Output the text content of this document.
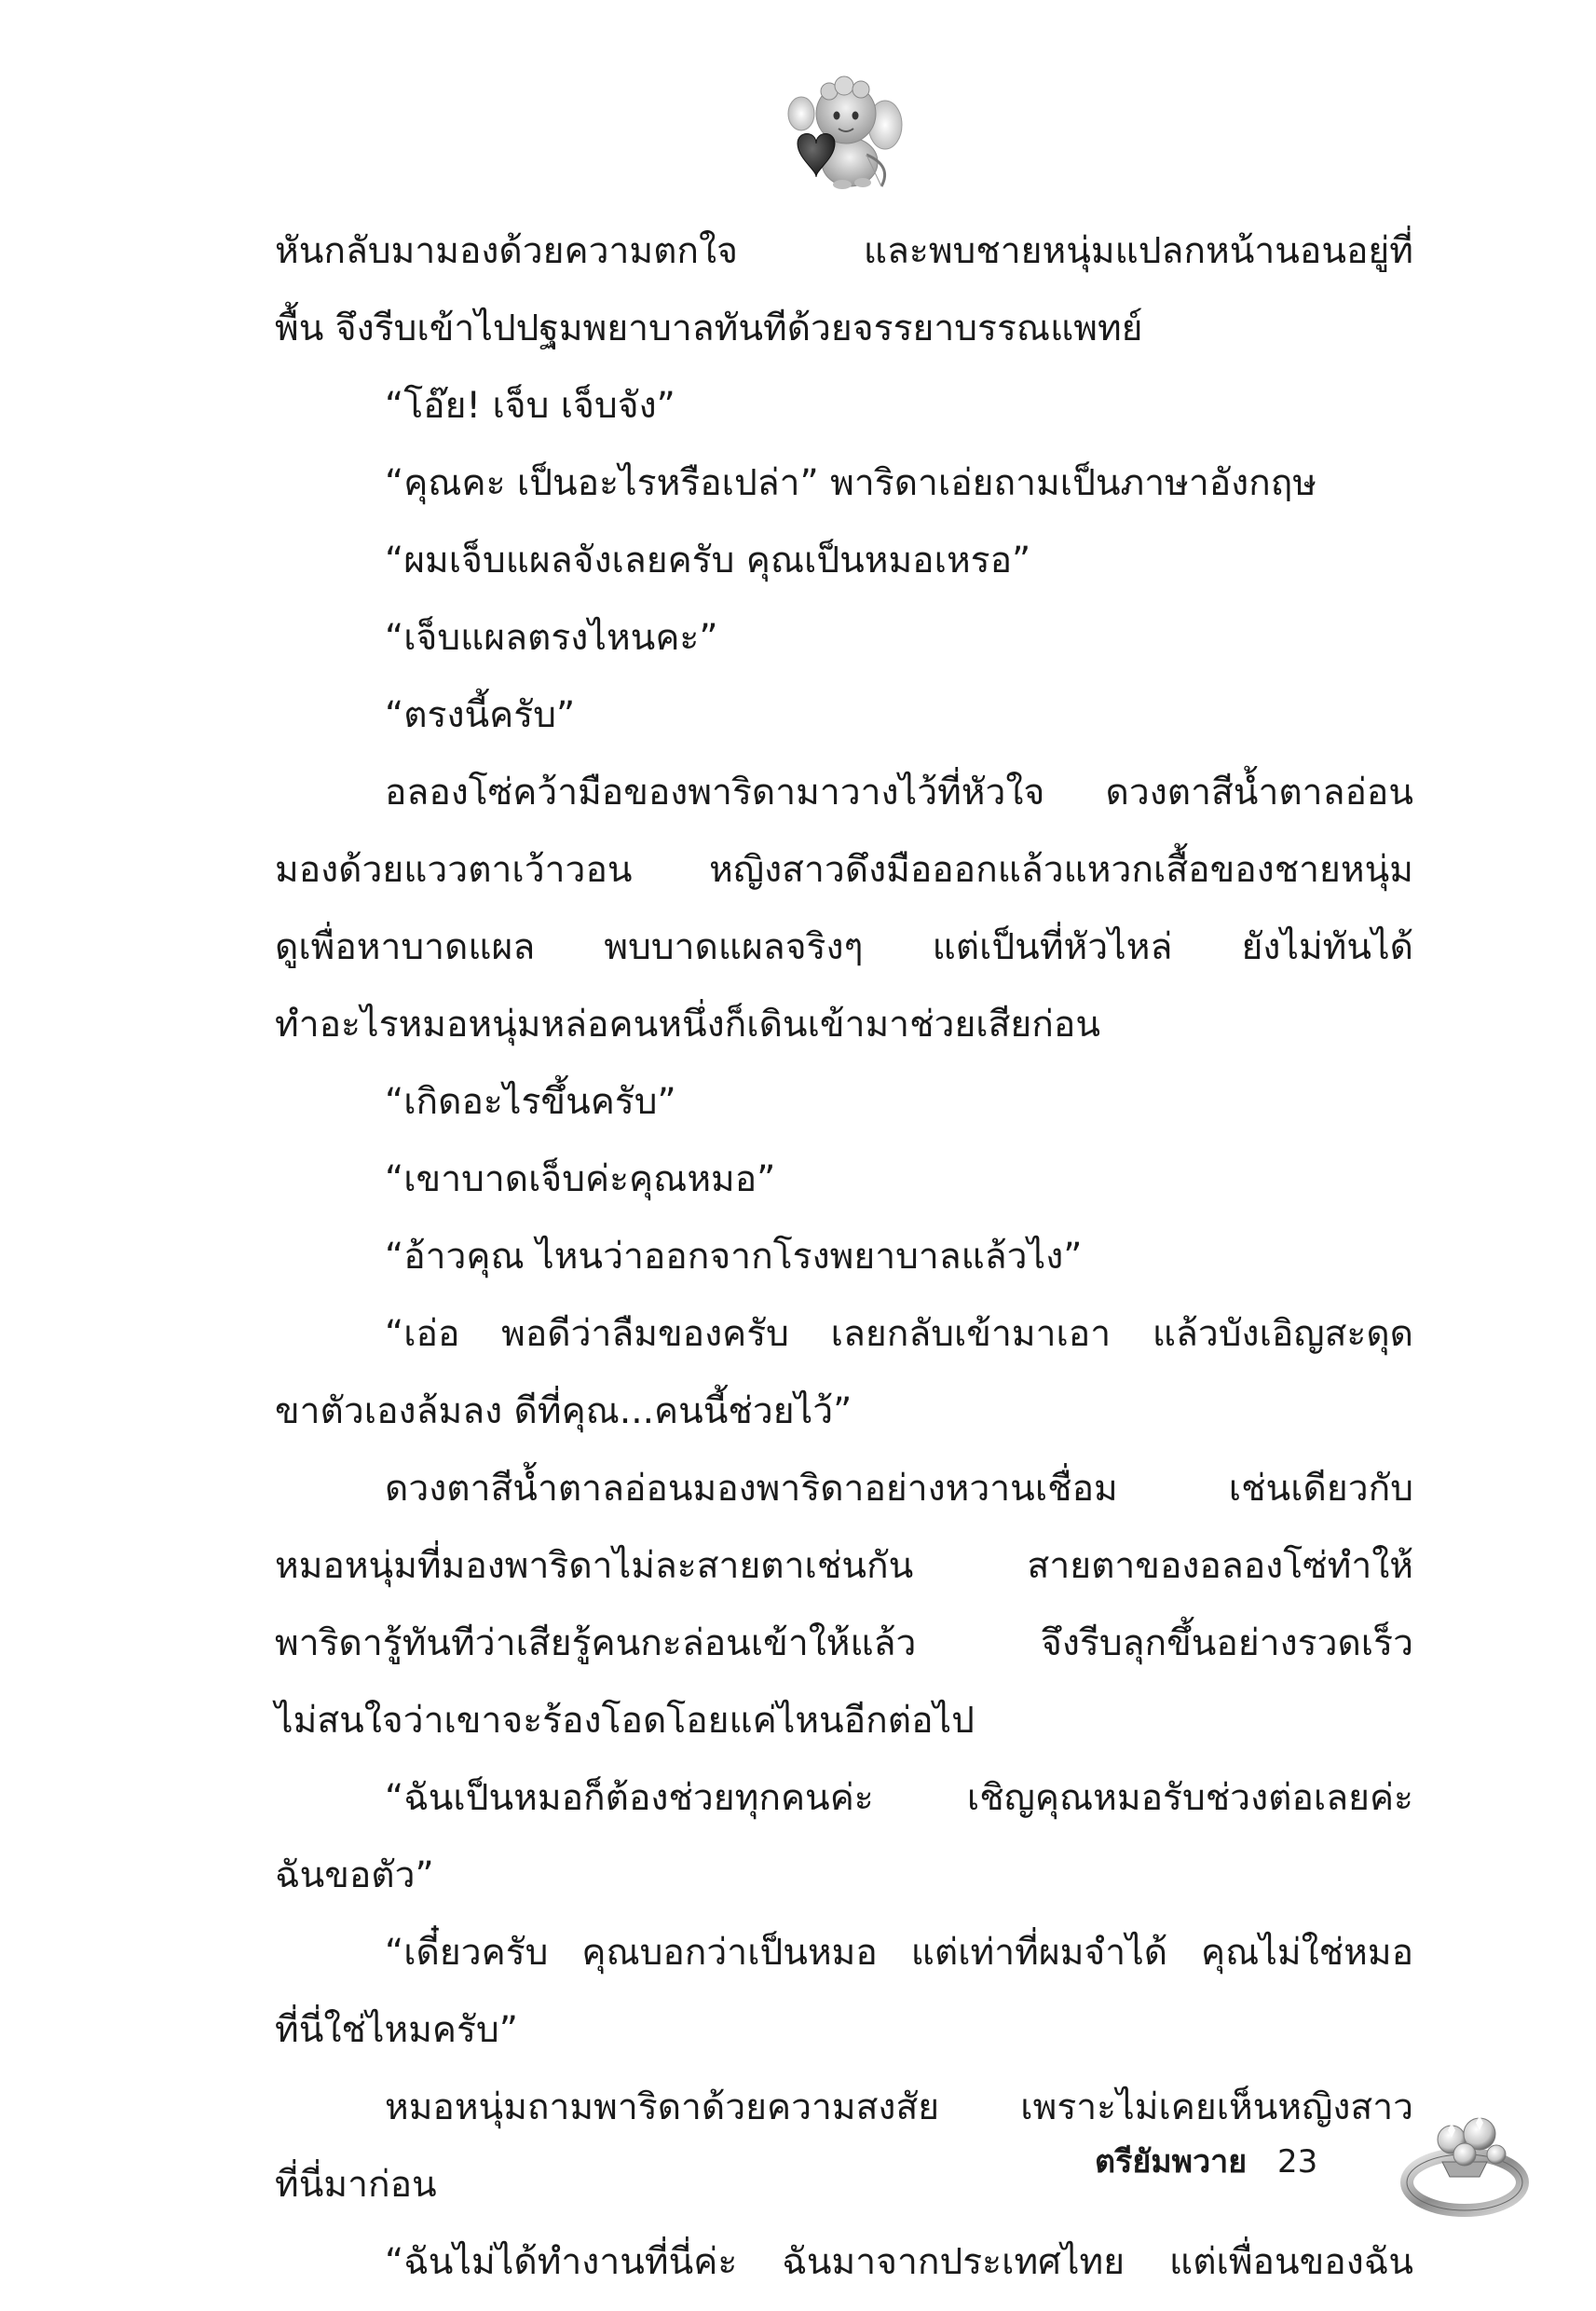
หันกลับมามองด้วยความตกใจ และพบชายหนุ่มแปลกหน้านอนอยู่ที่
พื้น จึงรีบเข้าไปปฐมพยาบาลทันทีด้วยจรรยาบรรณแพทย์
“โอ๊ย! เจ็บ เจ็บจัง”
“คุณคะ เป็นอะไรหรือเปล่า” พาริดาเอ่ยถามเป็นภาษาอังกฤษ
“ผมเจ็บแผลจังเลยครับ คุณเป็นหมอเหรอ”
“เจ็บแผลตรงไหนคะ”
“ตรงนี้ครับ”
อลองโซ่คว้ามือของพาริดามาวางไว้ที่หัวใจ ดวงตาสีน้ำตาลอ่อน
มองด้วยแววตาเว้าวอน หญิงสาวดึงมือออกแล้วแหวกเสื้อของชายหนุ่ม
ดูเพื่อหาบาดแผล พบบาดแผลจริงๆ แต่เป็นที่หัวไหล่ ยังไม่ทันได้
ทำอะไรหมอหนุ่มหล่อคนหนึ่งก็เดินเข้ามาช่วยเสียก่อน
“เกิดอะไรขึ้นครับ”
“เขาบาดเจ็บค่ะคุณหมอ”
“อ้าวคุณ ไหนว่าออกจากโรงพยาบาลแล้วไง”
“เอ่อ พอดีว่าลืมของครับ เลยกลับเข้ามาเอา แล้วบังเอิญสะดุด
ขาตัวเองล้มลง ดีที่คุณ...คนนี้ช่วยไว้”
ดวงตาสีน้ำตาลอ่อนมองพาริดาอย่างหวานเชื่อม เช่นเดียวกับ
หมอหนุ่มที่มองพาริดาไม่ละสายตาเช่นกัน สายตาของอลองโซ่ทำให้
พาริดารู้ทันทีว่าเสียรู้คนกะล่อนเข้าให้แล้ว จึงรีบลุกขึ้นอย่างรวดเร็ว
ไม่สนใจว่าเขาจะร้องโอดโอยแค่ไหนอีกต่อไป
“ฉันเป็นหมอก็ต้องช่วยทุกคนค่ะ เชิญคุณหมอรับช่วงต่อเลยค่ะ
ฉันขอตัว”
“เดี๋ยวครับ คุณบอกว่าเป็นหมอ แต่เท่าที่ผมจำได้ คุณไม่ใช่หมอ
ที่นี่ใช่ไหมครับ”
หมอหนุ่มถามพาริดาด้วยความสงสัย เพราะไม่เคยเห็นหญิงสาว
ที่นี่มาก่อน
“ฉันไม่ได้ทำงานที่นี่ค่ะ ฉันมาจากประเทศไทย แต่เพื่อนของฉัน
ตรียัมพวาย 23
